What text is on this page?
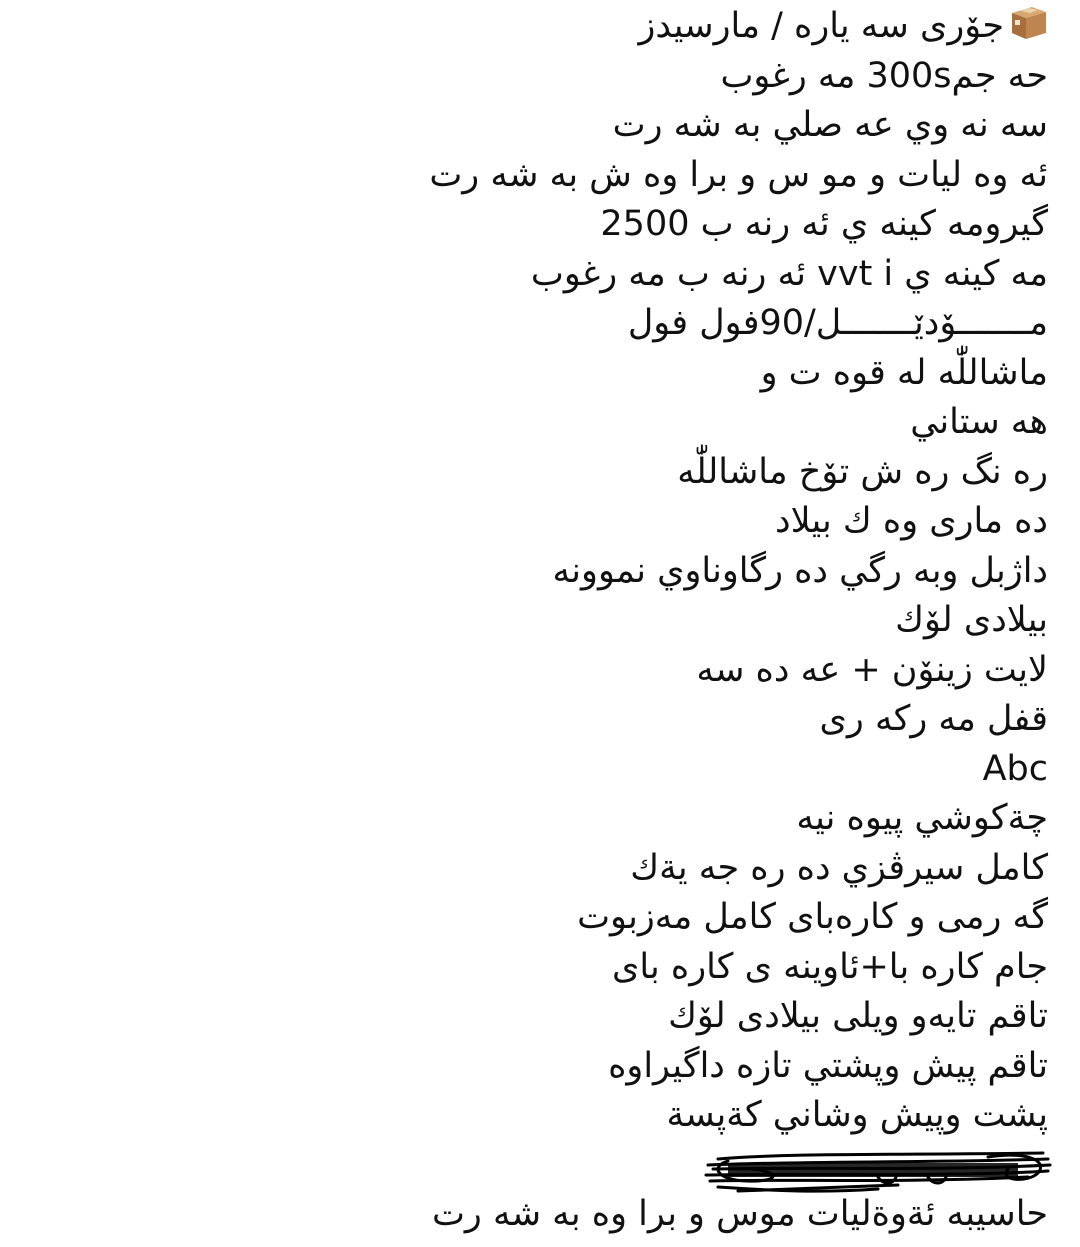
جۆری سه یاره / مارسیدز
حه جم300s مه رغوب
سه نه وي عه صلي به شه رت
ئه وه ليات و مو س و برا وه ش به شه رت
گیرومه کینه ي ئه رنه ب 2500
مه كينه ي vvt i ئه رنه ب مه رغوب
مـــــــۆدێـــــــل/90فول فول
ماشاللّٰه له قوه ت و
هه ستاني
ره نگ ره ش تۆخ ماشاللّٰه
ده ماری وه ك بيلاد
داژبل وبه رگي ده رگاوناوي نموونه
بیلادی لۆك
لايت زينۆن + عه ده سه
قفل مه ركه ری
Abc
چةكوشي پيوه نيه
كامل سيرڤزي ده ره جه يةك
گه رمی و كارەبای كامل مەزبوت
جام كاره با+ئاوينه ی كاره بای
تاقم تايەو ويلی بيلادی لۆك
تاقم پيش وپشتي تازه داگيراوه
پشت وپيش وشاني كةپسة
حاسيبه ئةوةليات موس و برا وه به شه رت
